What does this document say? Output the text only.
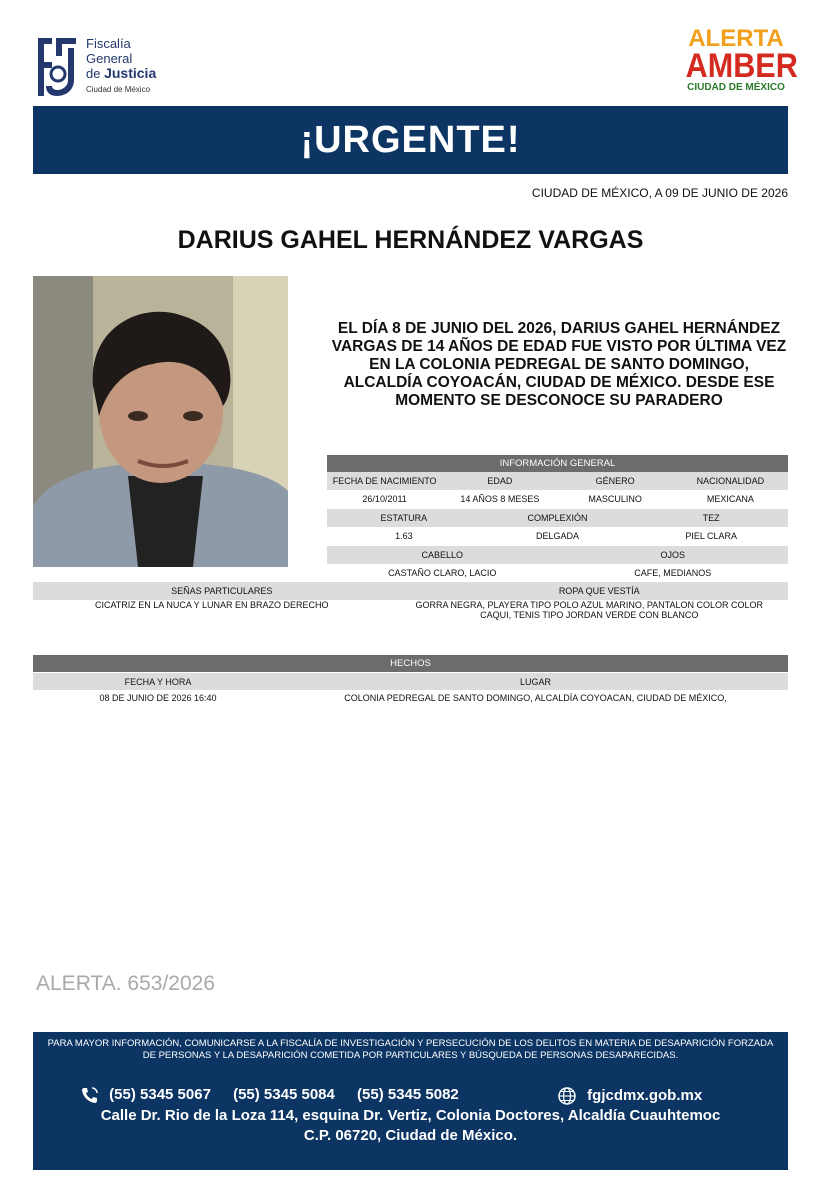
Fiscalía
General
de Justicia
Ciudad de México
ALERTA
AMBER
CIUDAD DE MÉXICO
¡URGENTE!
CIUDAD DE MÉXICO, A 09 DE JUNIO DE 2026
DARIUS GAHEL HERNÁNDEZ VARGAS
EL DÍA 8 DE JUNIO DEL 2026, DARIUS GAHEL HERNÁNDEZ VARGAS DE 14 AÑOS DE EDAD FUE VISTO POR ÚLTIMA VEZ EN LA COLONIA PEDREGAL DE SANTO DOMINGO, ALCALDÍA COYOACÁN, CIUDAD DE MÉXICO. DESDE ESE MOMENTO SE DESCONOCE SU PARADERO
INFORMACIÓN GENERAL
FECHA DE NACIMIENTO	EDAD	GÉNERO	NACIONALIDAD
26/10/2011	14 AÑOS 8 MESES	MASCULINO	MEXICANA
ESTATURA	COMPLEXIÓN	TEZ
1.63	DELGADA	PIEL CLARA
CABELLO	OJOS
CASTAÑO CLARO, LACIO	CAFE, MEDIANOS
SEÑAS PARTICULARES	ROPA QUE VESTÍA
CICATRIZ EN LA NUCA Y LUNAR EN BRAZO DERECHO	GORRA NEGRA, PLAYERA TIPO POLO AZUL MARINO, PANTALON COLOR COLOR CAQUI, TENIS TIPO JORDAN VERDE CON BLANCO
HECHOS
FECHA Y HORA	LUGAR
08 DE JUNIO DE 2026 16:40	COLONIA PEDREGAL DE SANTO DOMINGO, ALCALDÍA COYOACAN, CIUDAD DE MÉXICO,
ALERTA. 653/2026
PARA MAYOR INFORMACIÓN, COMUNICARSE A LA FISCALÍA DE INVESTIGACIÓN Y PERSECUCIÓN DE LOS DELITOS EN MATERIA DE DESAPARICIÓN FORZADA DE PERSONAS Y LA DESAPARICIÓN COMETIDA POR PARTICULARES Y BÚSQUEDA DE PERSONAS DESAPARECIDAS.
(55) 5345 5067 (55) 5345 5084 (55) 5345 5082	fgjcdmx.gob.mx
Calle Dr. Rio de la Loza 114, esquina Dr. Vertiz, Colonia Doctores, Alcaldía Cuauhtemoc
C.P. 06720, Ciudad de México.
